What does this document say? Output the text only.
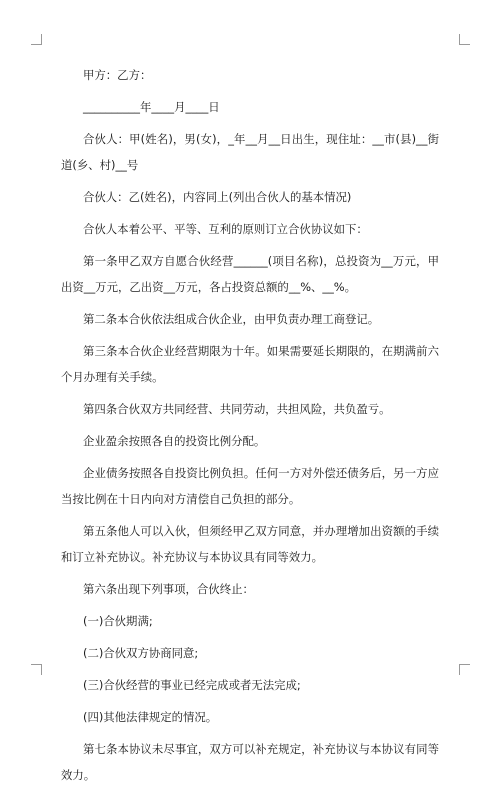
甲方：乙方：

__________年____月____日

合伙人：甲(姓名)，男(女)，_年__月__日出生，现住址：__市(县)__街道(乡、村)__号

合伙人：乙(姓名)，内容同上(列出合伙人的基本情况)

合伙人本着公平、平等、互利的原则订立合伙协议如下：

第一条甲乙双方自愿合伙经营______(项目名称)，总投资为__万元，甲出资__万元，乙出资__万元，各占投资总额的__%、__%。

第二条本合伙依法组成合伙企业，由甲负责办理工商登记。

第三条本合伙企业经营期限为十年。如果需要延长期限的，在期满前六个月办理有关手续。

第四条合伙双方共同经营、共同劳动，共担风险，共负盈亏。

企业盈余按照各自的投资比例分配。

企业债务按照各自投资比例负担。任何一方对外偿还债务后，另一方应当按比例在十日内向对方清偿自己负担的部分。

第五条他人可以入伙，但须经甲乙双方同意，并办理增加出资额的手续和订立补充协议。补充协议与本协议具有同等效力。

第六条出现下列事项，合伙终止：

(一)合伙期满;

(二)合伙双方协商同意;

(三)合伙经营的事业已经完成或者无法完成;

(四)其他法律规定的情况。

第七条本协议未尽事宜，双方可以补充规定，补充协议与本协议有同等效力。
